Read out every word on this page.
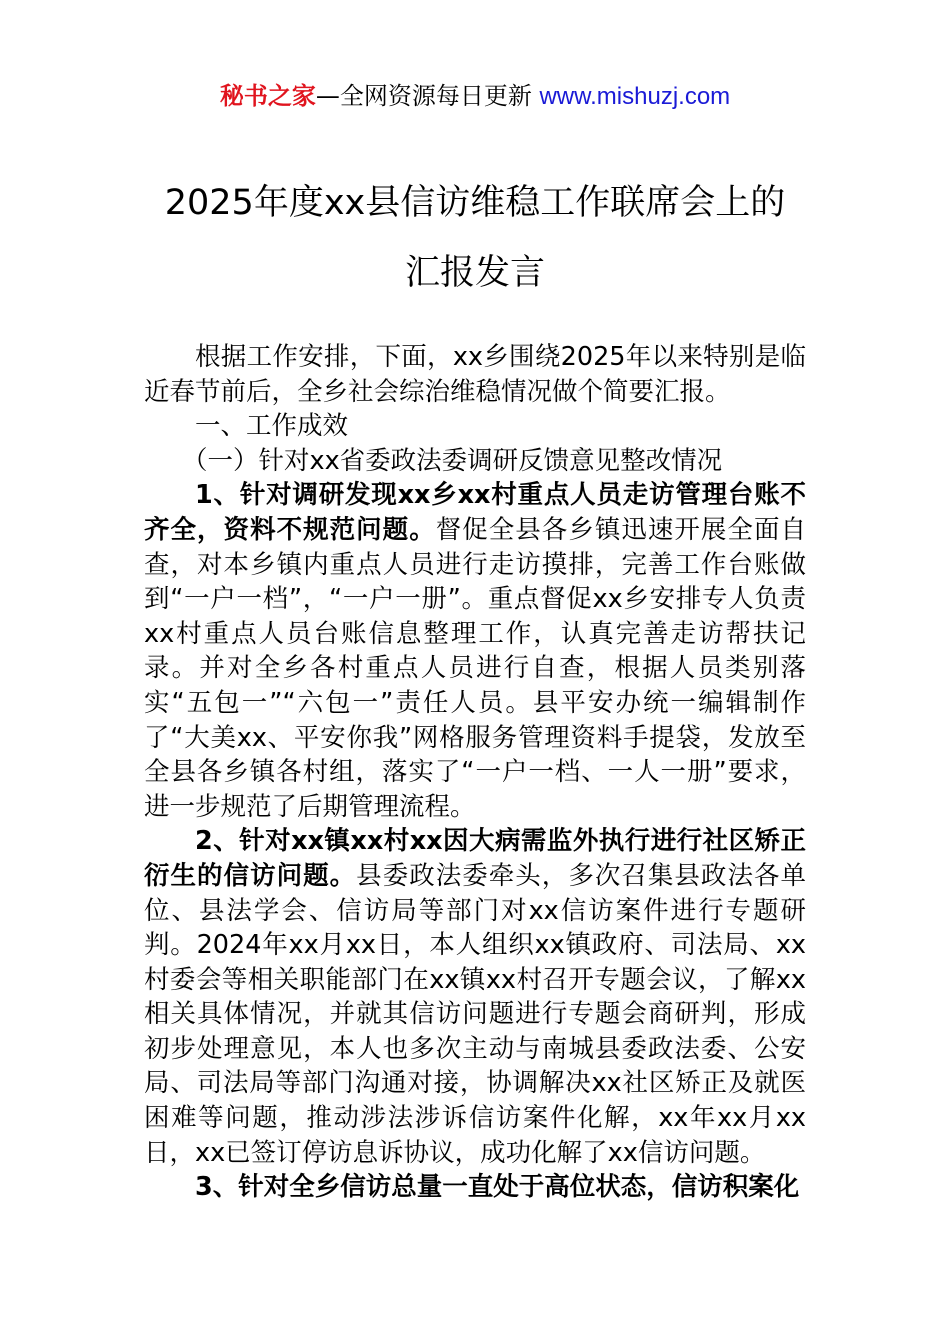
秘书之家—全网资源每日更新 www.mishuzj.com
2025年度xx县信访维稳工作联席会上的
汇报发言

根据工作安排，下面，xx乡围绕2025年以来特别是临近春节前后，全乡社会综治维稳情况做个简要汇报。

一、工作成效

（一）针对xx省委政法委调研反馈意见整改情况

1、针对调研发现xx乡xx村重点人员走访管理台账不齐全，资料不规范问题。督促全县各乡镇迅速开展全面自查，对本乡镇内重点人员进行走访摸排，完善工作台账做到“一户一档”，“一户一册”。重点督促xx乡安排专人负责xx村重点人员台账信息整理工作，认真完善走访帮扶记录。并对全乡各村重点人员进行自查，根据人员类别落实“五包一”“六包一”责任人员。县平安办统一编辑制作了“大美xx、平安你我”网格服务管理资料手提袋，发放至全县各乡镇各村组，落实了“一户一档、一人一册”要求，进一步规范了后期管理流程。

2、针对xx镇xx村xx因大病需监外执行进行社区矫正衍生的信访问题。县委政法委牵头，多次召集县政法各单位、县法学会、信访局等部门对xx信访案件进行专题研判。2024年xx月xx日，本人组织xx镇政府、司法局、xx村委会等相关职能部门在xx镇xx村召开专题会议，了解xx相关具体情况，并就其信访问题进行专题会商研判，形成初步处理意见，本人也多次主动与南城县委政法委、公安局、司法局等部门沟通对接，协调解决xx社区矫正及就医困难等问题，推动涉法涉诉信访案件化解，xx年xx月xx日，xx已签订停访息诉协议，成功化解了xx信访问题。

3、针对全乡信访总量一直处于高位状态，信访积案化
